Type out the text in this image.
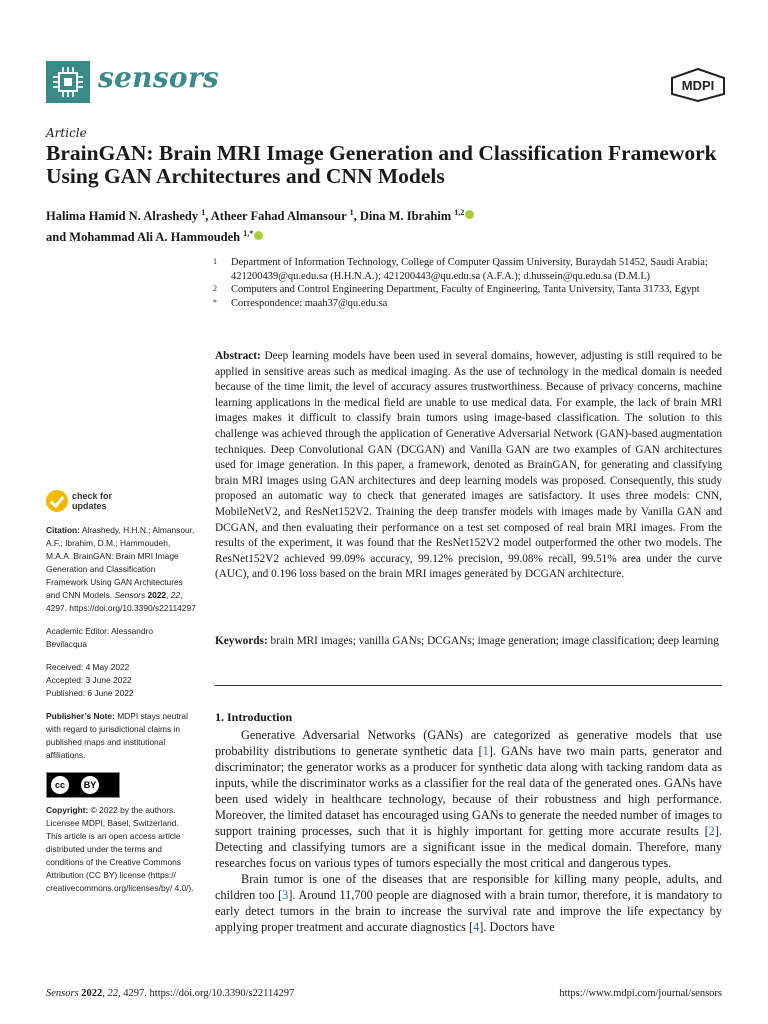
sensors	MDPI
Article
BrainGAN: Brain MRI Image Generation and Classification Framework Using GAN Architectures and CNN Models
Halima Hamid N. Alrashedy $^1$, Atheer Fahad Almansour $^1$, Dina M. Ibrahim $^{1,2}$
and Mohammad Ali A. Hammoudeh $^{1,*}$
1	Department of Information Technology, College of Computer Qassim University, Buraydah 51452, Saudi Arabia; 421200439@qu.edu.sa (H.H.N.A.); 421200443@qu.edu.sa (A.F.A.); d.hussein@qu.edu.sa (D.M.I.)
2	Computers and Control Engineering Department, Faculty of Engineering, Tanta University, Tanta 31733, Egypt
*	Correspondence: maah37@qu.edu.sa
Abstract: Deep learning models have been used in several domains, however, adjusting is still required to be applied in sensitive areas such as medical imaging. As the use of technology in the medical domain is needed because of the time limit, the level of accuracy assures trustworthiness. Because of privacy concerns, machine learning applications in the medical field are unable to use medical data. For example, the lack of brain MRI images makes it difficult to classify brain tumors using image-based classification. The solution to this challenge was achieved through the application of Generative Adversarial Network (GAN)-based augmentation techniques. Deep Convolutional GAN (DCGAN) and Vanilla GAN are two examples of GAN architectures used for image generation. In this paper, a framework, denoted as BrainGAN, for generating and classifying brain MRI images using GAN architectures and deep learning models was proposed. Consequently, this study proposed an automatic way to check that generated images are satisfactory. It uses three models: CNN, MobileNetV2, and ResNet152V2. Training the deep transfer models with images made by Vanilla GAN and DCGAN, and then evaluating their performance on a test set composed of real brain MRI images. From the results of the experiment, it was found that the ResNet152V2 model outperformed the other two models. The ResNet152V2 achieved 99.09% accuracy, 99.12% precision, 99.08% recall, 99.51% area under the curve (AUC), and 0.196 loss based on the brain MRI images generated by DCGAN architecture.
Keywords: brain MRI images; vanilla GANs; DCGANs; image generation; image classification; deep learning
1. Introduction

Generative Adversarial Networks (GANs) are categorized as generative models that use probability distributions to generate synthetic data [1]. GANs have two main parts, generator and discriminator; the generator works as a producer for synthetic data along with tacking random data as inputs, while the discriminator works as a classifier for the real data of the generated ones. GANs have been used widely in healthcare technology, because of their robustness and high performance. Moreover, the limited dataset has encouraged using GANs to generate the needed number of images to support training processes, such that it is highly important for getting more accurate results [2]. Detecting and classifying tumors are a significant issue in the medical domain. Therefore, many researches focus on various types of tumors especially the most critical and dangerous types.

Brain tumor is one of the diseases that are responsible for killing many people, adults, and children too [3]. Around 11,700 people are diagnosed with a brain tumor, therefore, it is mandatory to early detect tumors in the brain to increase the survival rate and improve the life expectancy by applying proper treatment and accurate diagnostics [4]. Doctors have

check for
updates
Citation: Alrashedy, H.H.N.; Almansour, A.F.; Ibrahim, D.M.; Hammoudeh, M.A.A. BrainGAN: Brain MRI Image Generation and Classification Framework Using GAN Architectures and CNN Models. Sensors 2022, 22, 4297. https://doi.org/10.3390/s22114297
Academic Editor: Alessandro Bevilacqua
Received: 4 May 2022
Accepted: 3 June 2022
Published: 6 June 2022
Publisher’s Note: MDPI stays neutral with regard to jurisdictional claims in published maps and institutional affiliations.
cc	BY
Copyright: © 2022 by the authors. Licensee MDPI, Basel, Switzerland. This article is an open access article distributed under the terms and conditions of the Creative Commons Attribution (CC BY) license (https:// creativecommons.org/licenses/by/ 4.0/).
Sensors 2022, 22, 4297. https://doi.org/10.3390/s22114297	https://www.mdpi.com/journal/sensors
